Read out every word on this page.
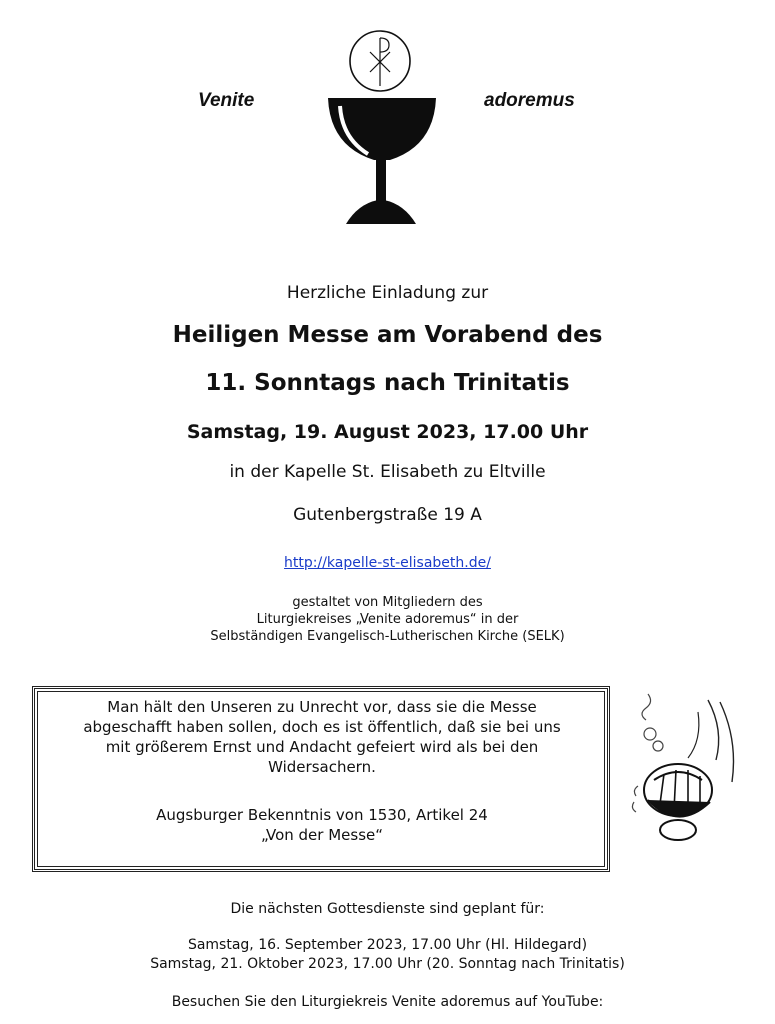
Venite	adoremus
Herzliche Einladung zur
Heiligen Messe am Vorabend des
11. Sonntags nach Trinitatis
Samstag, 19. August 2023, 17.00 Uhr
in der Kapelle St. Elisabeth zu Eltville
Gutenbergstraße 19 A
http://kapelle-st-elisabeth.de/
gestaltet von Mitgliedern des
Liturgiekreises „Venite adoremus“ in der
Selbständigen Evangelisch-Lutherischen Kirche (SELK)
Man hält den Unseren zu Unrecht vor, dass sie die Messe
abgeschafft haben sollen, doch es ist öffentlich, daß sie bei uns
mit größerem Ernst und Andacht gefeiert wird als bei den
Widersachern.
Augsburger Bekenntnis von 1530, Artikel 24
„Von der Messe“
Die nächsten Gottesdienste sind geplant für:
Samstag, 16. September 2023, 17.00 Uhr (Hl. Hildegard)
Samstag, 21. Oktober 2023, 17.00 Uhr (20. Sonntag nach Trinitatis)
Besuchen Sie den Liturgiekreis Venite adoremus auf YouTube:
